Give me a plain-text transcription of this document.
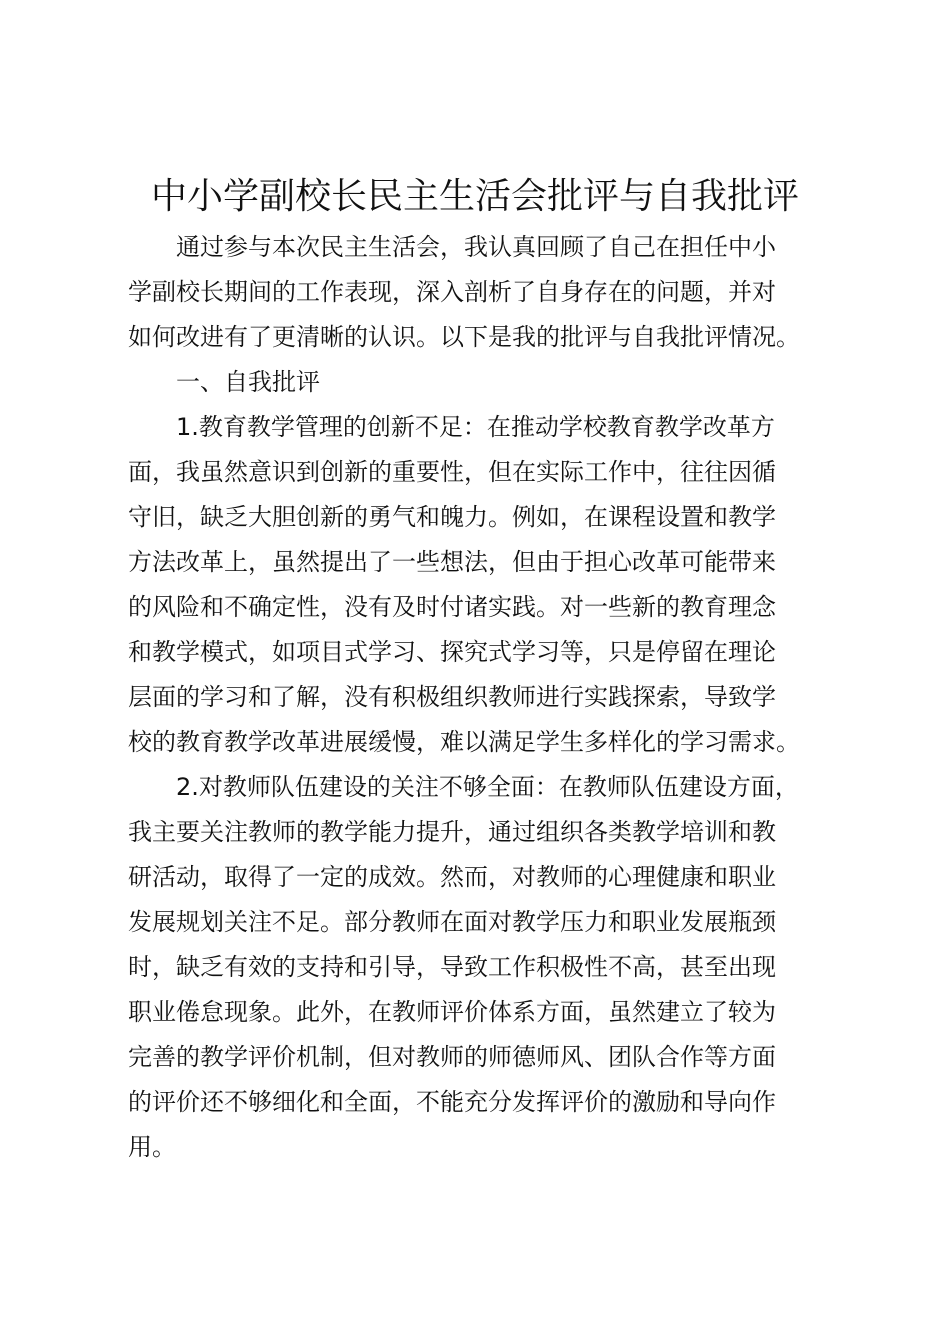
中小学副校长民主生活会批评与自我批评

通过参与本次民主生活会，我认真回顾了自己在担任中小
学副校长期间的工作表现，深入剖析了自身存在的问题，并对
如何改进有了更清晰的认识。以下是我的批评与自我批评情况。

一、自我批评

1.教育教学管理的创新不足：在推动学校教育教学改革方
面，我虽然意识到创新的重要性，但在实际工作中，往往因循
守旧，缺乏大胆创新的勇气和魄力。例如，在课程设置和教学
方法改革上，虽然提出了一些想法，但由于担心改革可能带来
的风险和不确定性，没有及时付诸实践。对一些新的教育理念
和教学模式，如项目式学习、探究式学习等，只是停留在理论
层面的学习和了解，没有积极组织教师进行实践探索，导致学
校的教育教学改革进展缓慢，难以满足学生多样化的学习需求。

2.对教师队伍建设的关注不够全面：在教师队伍建设方面，
我主要关注教师的教学能力提升，通过组织各类教学培训和教
研活动，取得了一定的成效。然而，对教师的心理健康和职业
发展规划关注不足。部分教师在面对教学压力和职业发展瓶颈
时，缺乏有效的支持和引导，导致工作积极性不高，甚至出现
职业倦怠现象。此外，在教师评价体系方面，虽然建立了较为
完善的教学评价机制，但对教师的师德师风、团队合作等方面
的评价还不够细化和全面，不能充分发挥评价的激励和导向作
用。
